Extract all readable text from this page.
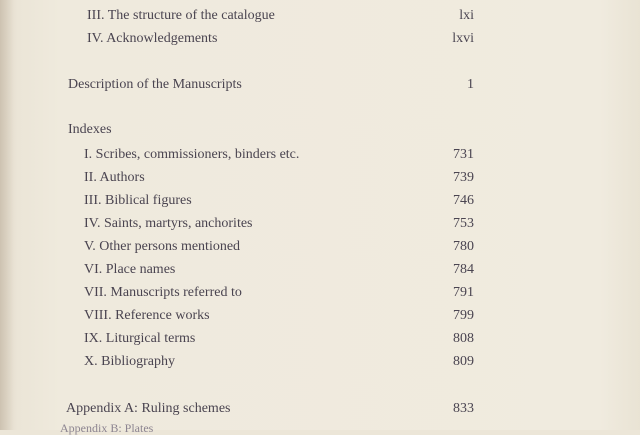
III. The structure of the catalogue	lxi
IV. Acknowledgements	lxvi
Description of the Manuscripts	1
Indexes
I. Scribes, commissioners, binders etc.	731
II. Authors	739
III. Biblical figures	746
IV. Saints, martyrs, anchorites	753
V. Other persons mentioned	780
VI. Place names	784
VII. Manuscripts referred to	791
VIII. Reference works	799
IX. Liturgical terms	808
X. Bibliography	809
Appendix A: Ruling schemes	833
Appendix B: Plates
